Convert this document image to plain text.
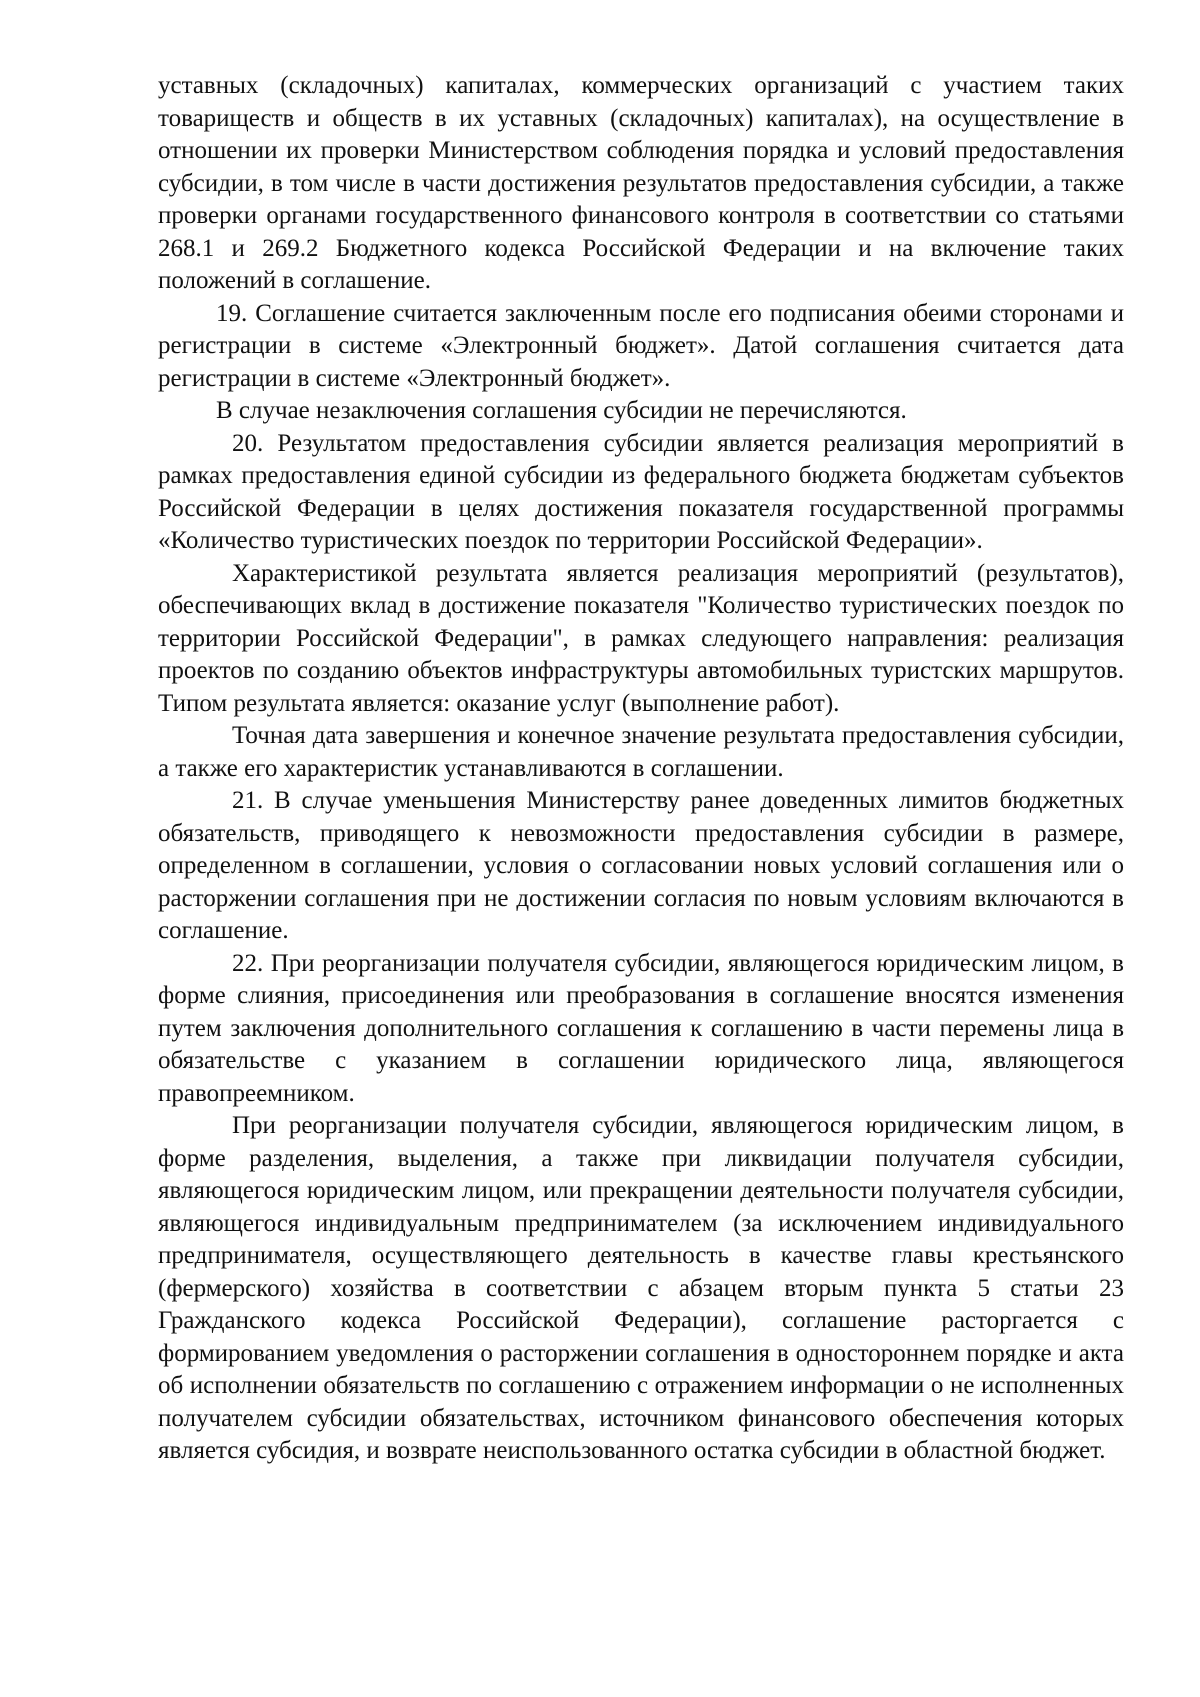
уставных (складочных) капиталах, коммерческих организаций с участием таких товариществ и обществ в их уставных (складочных) капиталах), на осуществление в отношении их проверки Министерством соблюдения порядка и условий предоставления субсидии, в том числе в части достижения результатов предоставления субсидии, а также проверки органами государственного финансового контроля в соответствии со статьями 268.1 и 269.2 Бюджетного кодекса Российской Федерации и на включение таких положений в соглашение.

19. Соглашение считается заключенным после его подписания обеими сторонами и регистрации в системе «Электронный бюджет». Датой соглашения считается дата регистрации в системе «Электронный бюджет».

В случае незаключения соглашения субсидии не перечисляются.

20. Результатом предоставления субсидии является реализация мероприятий в рамках предоставления единой субсидии из федерального бюджета бюджетам субъектов Российской Федерации в целях достижения показателя государственной программы «Количество туристических поездок по территории Российской Федерации».

Характеристикой результата является реализация мероприятий (результатов), обеспечивающих вклад в достижение показателя "Количество туристических поездок по территории Российской Федерации", в рамках следующего направления: реализация проектов по созданию объектов инфраструктуры автомобильных туристских маршрутов. Типом результата является: оказание услуг (выполнение работ).

Точная дата завершения и конечное значение результата предоставления субсидии, а также его характеристик устанавливаются в соглашении.

21. В случае уменьшения Министерству ранее доведенных лимитов бюджетных обязательств, приводящего к невозможности предоставления субсидии в размере, определенном в соглашении, условия о согласовании новых условий соглашения или о расторжении соглашения при не достижении согласия по новым условиям включаются в соглашение.

22. При реорганизации получателя субсидии, являющегося юридическим лицом, в форме слияния, присоединения или преобразования в соглашение вносятся изменения путем заключения дополнительного соглашения к соглашению в части перемены лица в обязательстве с указанием в соглашении юридического лица, являющегося правопреемником.

При реорганизации получателя субсидии, являющегося юридическим лицом, в форме разделения, выделения, а также при ликвидации получателя субсидии, являющегося юридическим лицом, или прекращении деятельности получателя субсидии, являющегося индивидуальным предпринимателем (за исключением индивидуального предпринимателя, осуществляющего деятельность в качестве главы крестьянского (фермерского) хозяйства в соответствии с абзацем вторым пункта 5 статьи 23 Гражданского кодекса Российской Федерации), соглашение расторгается с формированием уведомления о расторжении соглашения в одностороннем порядке и акта об исполнении обязательств по соглашению с отражением информации о не исполненных получателем субсидии обязательствах, источником финансового обеспечения которых является субсидия, и возврате неиспользованного остатка субсидии в областной бюджет.
